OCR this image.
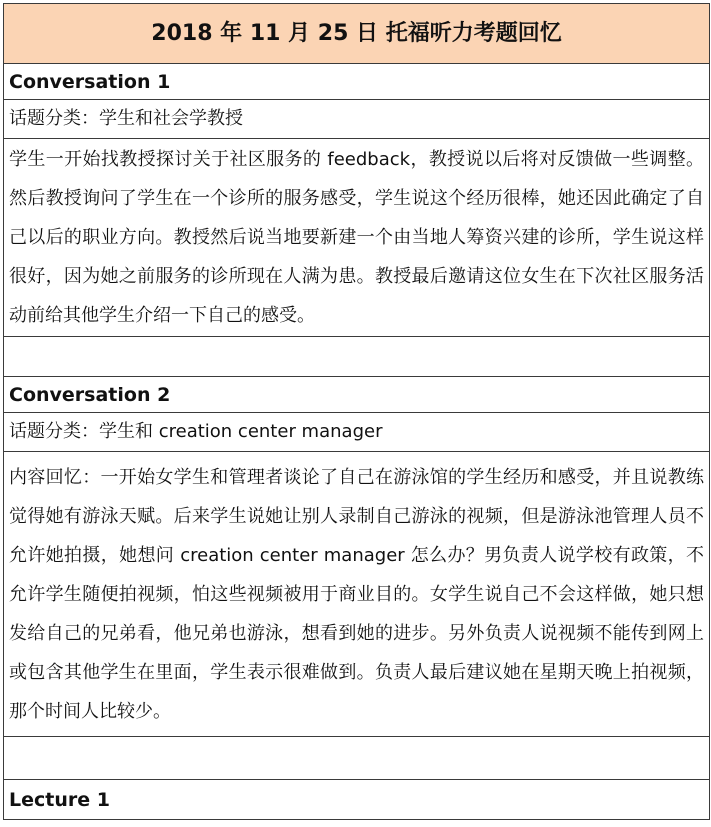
2018 年 11 月 25 日 托福听力考题回忆
Conversation 1
话题分类：学生和社会学教授

学生一开始找教授探讨关于社区服务的 feedback，教授说以后将对反馈做一些调整。然后教授询问了学生在一个诊所的服务感受，学生说这个经历很棒，她还因此确定了自己以后的职业方向。教授然后说当地要新建一个由当地人筹资兴建的诊所，学生说这样很好，因为她之前服务的诊所现在人满为患。教授最后邀请这位女生在下次社区服务活动前给其他学生介绍一下自己的感受。

Conversation 2
话题分类：学生和 creation center manager

内容回忆：一开始女学生和管理者谈论了自己在游泳馆的学生经历和感受，并且说教练觉得她有游泳天赋。后来学生说她让别人录制自己游泳的视频，但是游泳池管理人员不允许她拍摄，她想问 creation center manager 怎么办？男负责人说学校有政策，不允许学生随便拍视频，怕这些视频被用于商业目的。女学生说自己不会这样做，她只想发给自己的兄弟看，他兄弟也游泳，想看到她的进步。另外负责人说视频不能传到网上或包含其他学生在里面，学生表示很难做到。负责人最后建议她在星期天晚上拍视频，那个时间人比较少。

Lecture 1
